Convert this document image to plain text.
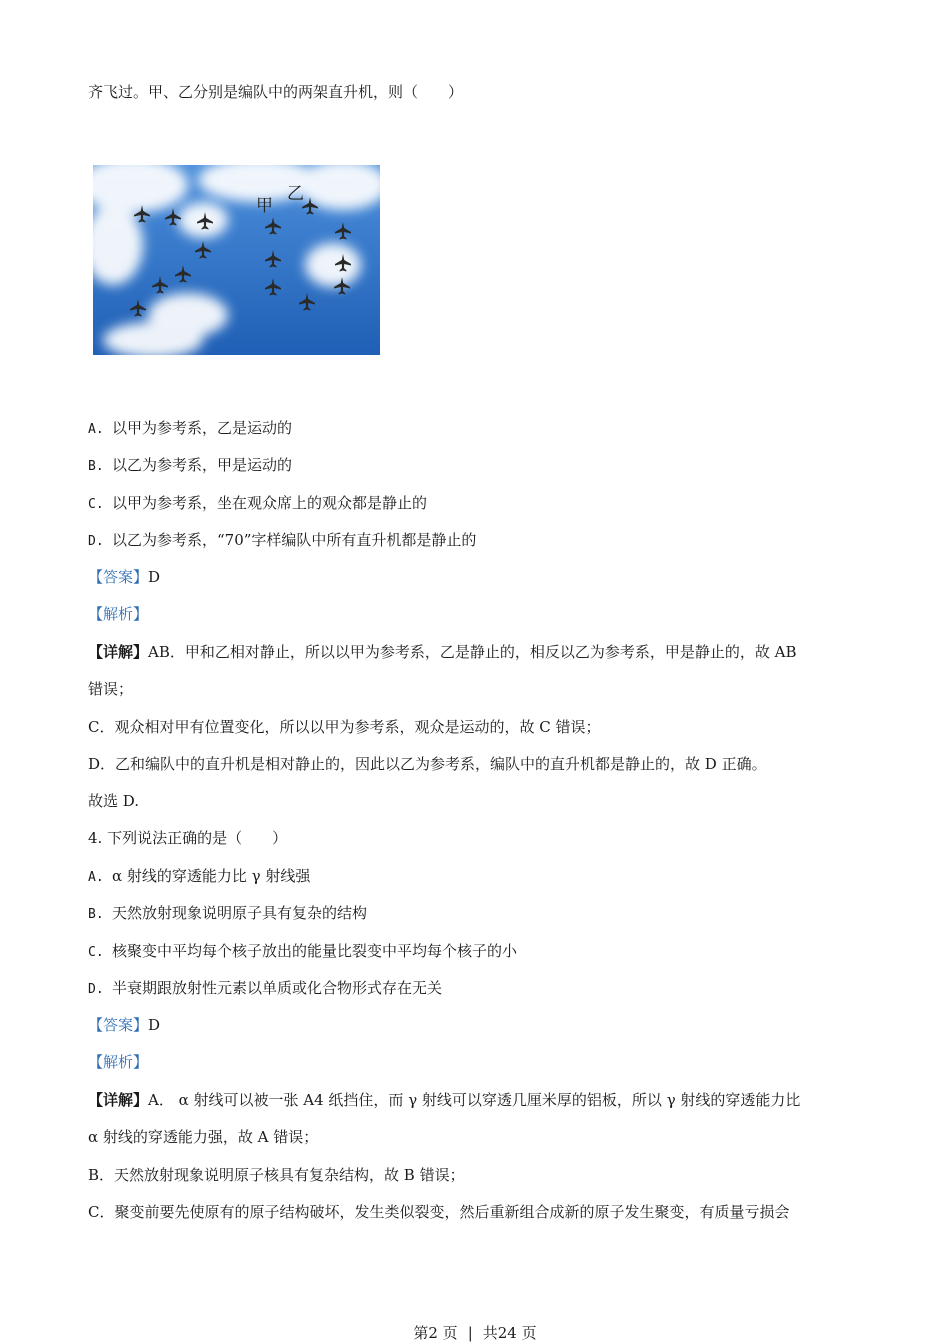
齐飞过。甲、乙分别是编队中的两架直升机，则（　　）
甲
乙
A. 以甲为参考系，乙是运动的
B. 以乙为参考系，甲是运动的
C. 以甲为参考系，坐在观众席上的观众都是静止的
D. 以乙为参考系，“70”字样编队中所有直升机都是静止的
【答案】D
【解析】
【详解】AB．甲和乙相对静止，所以以甲为参考系，乙是静止的，相反以乙为参考系，甲是静止的，故 AB
错误；
C．观众相对甲有位置变化，所以以甲为参考系，观众是运动的，故 C 错误；
D．乙和编队中的直升机是相对静止的，因此以乙为参考系，编队中的直升机都是静止的，故 D 正确。
故选 D.
4. 下列说法正确的是（　　）
A. α 射线的穿透能力比 γ 射线强
B. 天然放射现象说明原子具有复杂的结构
C. 核聚变中平均每个核子放出的能量比裂变中平均每个核子的小
D. 半衰期跟放射性元素以单质或化合物形式存在无关
【答案】D
【解析】
【详解】A． α 射线可以被一张 A4 纸挡住，而 γ 射线可以穿透几厘米厚的铝板，所以 γ 射线的穿透能力比
α 射线的穿透能力强，故 A 错误；
B．天然放射现象说明原子核具有复杂结构，故 B 错误；
C．聚变前要先使原有的原子结构破坏，发生类似裂变，然后重新组合成新的原子发生聚变，有质量亏损会
第2 页 | 共24 页
